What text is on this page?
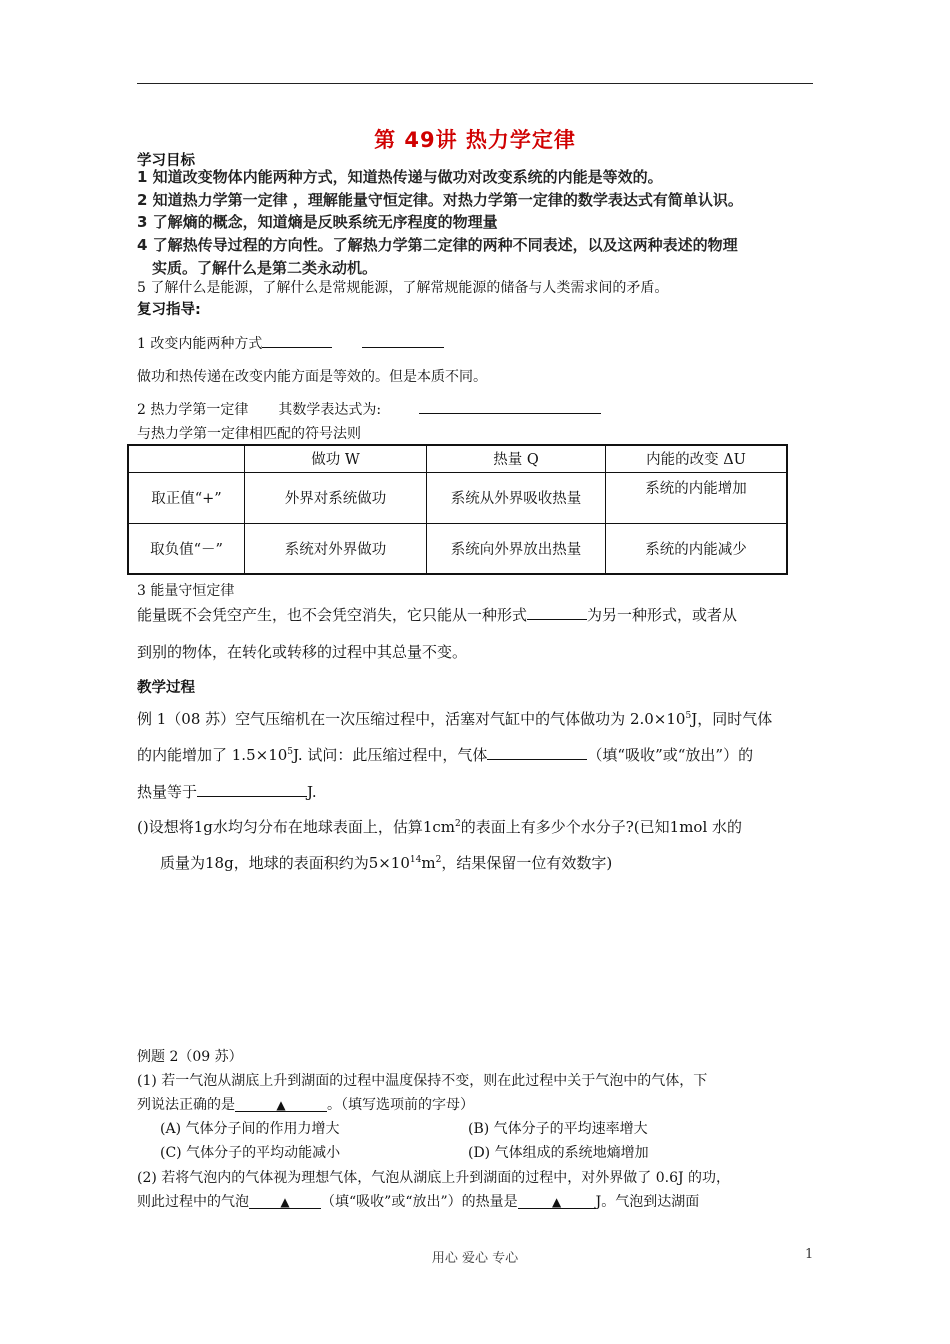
第 49讲 热力学定律
学习目标
1 知道改变物体内能两种方式，知道热传递与做功对改变系统的内能是等效的。
2 知道热力学第一定律 ，理解能量守恒定律。对热力学第一定律的数学表达式有简单认识。
3 了解熵的概念，知道熵是反映系统无序程度的物理量
4 了解热传导过程的方向性。了解热力学第二定律的两种不同表述，以及这两种表述的物理
实质。了解什么是第二类永动机。
5 了解什么是能源，了解什么是常规能源，了解常规能源的储备与人类需求间的矛盾。
复习指导:
1 改变内能两种方式
做功和热传递在改变内能方面是等效的。但是本质不同。
2 热力学第一定律 其数学表达式为:
与热力学第一定律相匹配的符号法则
	做功 W	热量 Q	内能的改变 ΔU
取正值“+”	外界对系统做功	系统从外界吸收热量	系统的内能增加
取负值“－”	系统对外界做功	系统向外界放出热量	系统的内能减少
3 能量守恒定律
能量既不会凭空产生，也不会凭空消失，它只能从一种形式	为另一种形式，或者从
到别的物体，在转化或转移的过程中其总量不变。
教学过程
例 1（08 苏）空气压缩机在一次压缩过程中，活塞对气缸中的气体做功为 $2.0\times 10^5J$，同时气体
的内能增加了 $1.5\times 10^5J$. 试问：此压缩过程中，气体	（填“吸收”或“放出”）的
热量等于	J.
()设想将1g水均匀分布在地球表面上，估算$1cm^2$的表面上有多少个水分子?(已知1mol 水的
质量为18g，地球的表面积约为$5\times 10^{14}m^2$，结果保留一位有效数字)
例题 2（09 苏）
(1) 若一气泡从湖底上升到湖面的过程中温度保持不变，则在此过程中关于气泡中的气体，下
列说法正确的是	▲	。（填写选项前的字母）
(A) 气体分子间的作用力增大	(B) 气体分子的平均速率增大
(C) 气体分子的平均动能减小	(D) 气体组成的系统地熵增加
(2) 若将气泡内的气体视为理想气体，气泡从湖底上升到湖面的过程中，对外界做了 0.6J 的功，
则此过程中的气泡	▲ （填“吸收”或“放出”）的热量是	▲ J。气泡到达湖面
用心 爱心 专心	1
